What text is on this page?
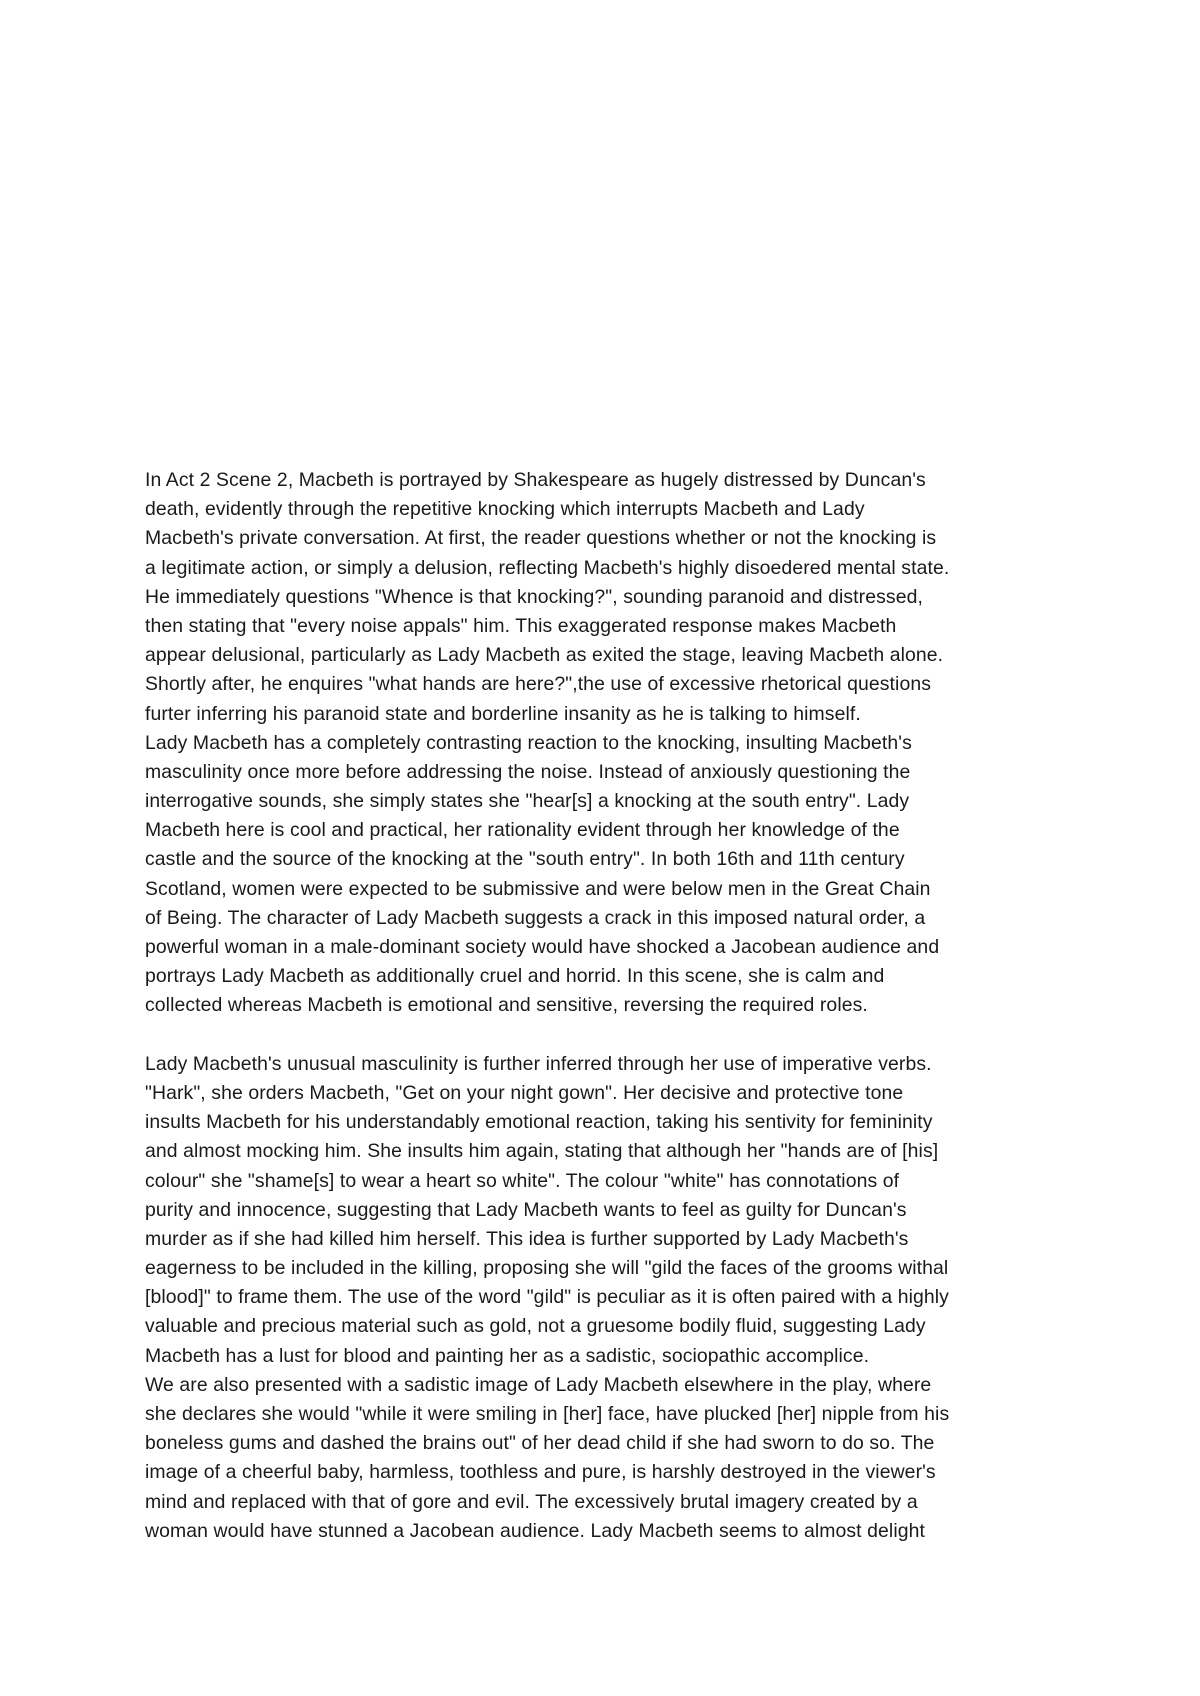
In Act 2 Scene 2, Macbeth is portrayed by Shakespeare as hugely distressed by Duncan's
death, evidently through the repetitive knocking which interrupts Macbeth and Lady
Macbeth's private conversation. At first, the reader questions whether or not the knocking is
a legitimate action, or simply a delusion, reflecting Macbeth's highly disoedered mental state.
He immediately questions "Whence is that knocking?", sounding paranoid and distressed,
then stating that "every noise appals" him. This exaggerated response makes Macbeth
appear delusional, particularly as Lady Macbeth as exited the stage, leaving Macbeth alone.
Shortly after, he enquires "what hands are here?",the use of excessive rhetorical questions
furter inferring his paranoid state and borderline insanity as he is talking to himself.
Lady Macbeth has a completely contrasting reaction to the knocking, insulting Macbeth's
masculinity once more before addressing the noise. Instead of anxiously questioning the
interrogative sounds, she simply states she "hear[s] a knocking at the south entry". Lady
Macbeth here is cool and practical, her rationality evident through her knowledge of the
castle and the source of the knocking at the "south entry". In both 16th and 11th century
Scotland, women were expected to be submissive and were below men in the Great Chain
of Being. The character of Lady Macbeth suggests a crack in this imposed natural order, a
powerful woman in a male-dominant society would have shocked a Jacobean audience and
portrays Lady Macbeth as additionally cruel and horrid. In this scene, she is calm and
collected whereas Macbeth is emotional and sensitive, reversing the required roles.
Lady Macbeth's unusual masculinity is further inferred through her use of imperative verbs.
"Hark", she orders Macbeth, "Get on your night gown". Her decisive and protective tone
insults Macbeth for his understandably emotional reaction, taking his sentivity for femininity
and almost mocking him. She insults him again, stating that although her "hands are of [his]
colour" she "shame[s] to wear a heart so white". The colour "white" has connotations of
purity and innocence, suggesting that Lady Macbeth wants to feel as guilty for Duncan's
murder as if she had killed him herself. This idea is further supported by Lady Macbeth's
eagerness to be included in the killing, proposing she will "gild the faces of the grooms withal
[blood]" to frame them. The use of the word "gild" is peculiar as it is often paired with a highly
valuable and precious material such as gold, not a gruesome bodily fluid, suggesting Lady
Macbeth has a lust for blood and painting her as a sadistic, sociopathic accomplice.
We are also presented with a sadistic image of Lady Macbeth elsewhere in the play, where
she declares she would "while it were smiling in [her] face, have plucked [her] nipple from his
boneless gums and dashed the brains out" of her dead child if she had sworn to do so. The
image of a cheerful baby, harmless, toothless and pure, is harshly destroyed in the viewer's
mind and replaced with that of gore and evil. The excessively brutal imagery created by a
woman would have stunned a Jacobean audience. Lady Macbeth seems to almost delight
